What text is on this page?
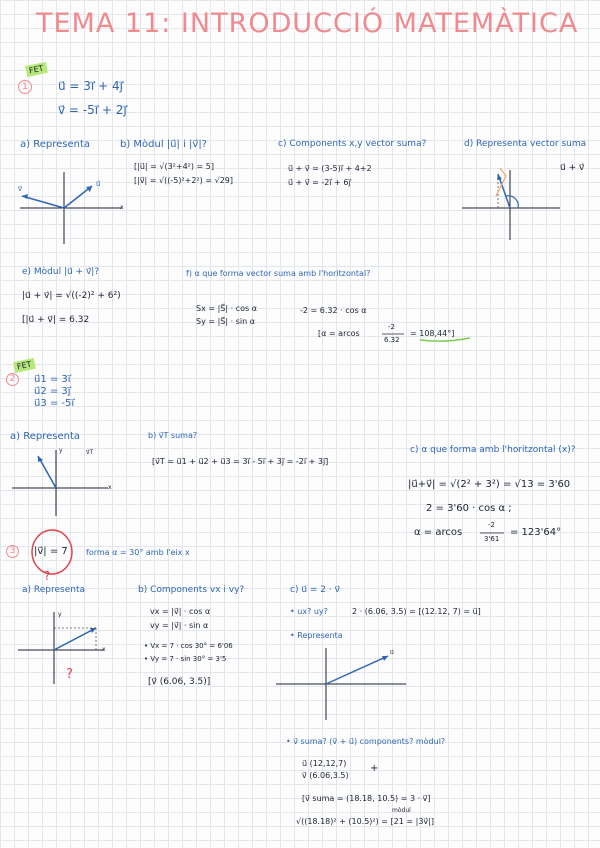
TEMA 11: INTRODUCCIÓ MATEMÀTICA
FET
1	u⃗ = 3i⃗ + 4j⃗
v⃗ = -5i⃗ + 2j⃗
a) Representa	b) Mòdul |u⃗| i |v⃗|?	c) Components x,y vector suma?	d) Representa vector suma
[|u⃗| = √(3²+4²) = 5]
[|v⃗| = √((-5)²+2²) = √29]
u⃗ + v⃗ = (3-5)i⃗ + 4+2
u⃗ + v⃗ = -2i⃗ + 6j⃗
u⃗ + v⃗
u⃗
v⃗
x
e) Mòdul |u⃗ + v⃗|?
|u⃗ + v⃗| = √((-2)² + 6²)
[|u⃗ + v⃗| = 6.32
f) α que forma vector suma amb l'horitzontal?
Sx = |S⃗| · cos α
Sy = |S⃗| · sin α
-2 = 6.32 · cos α
[α = arcos
-2
6.32
= 108,44°]
FET
2	u⃗1 = 3i⃗
u⃗2 = 3j⃗
u⃗3 = -5i⃗
a) Representa	b) v⃗T suma?
[v⃗T = u⃗1 + u⃗2 + u⃗3 = 3i⃗ - 5i⃗ + 3j⃗ = -2i⃗ + 3j⃗]
c) α que forma amb l'horitzontal (x)?
y	v⃗T
x	|u⃗+v⃗| = √(2² + 3²) = √13 = 3'60
2 = 3'60 · cos α ;
α = arcos
-2
3'61
= 123'64°
3	|v⃗| = 7 forma α = 30° amb l'eix x
?
a) Representa	b) Components vx i vy?	c) u⃗ = 2 · v⃗
y
x
?
vx = |v⃗| · cos α
vy = |v⃗| · sin α
• Vx = 7 · cos 30° = 6'06
• Vy = 7 · sin 30° = 3'5
[v⃗ (6.06, 3.5)]
• ux? uy?	2 · (6.06, 3.5) = [(12.12, 7) = u⃗]
• Representa
u⃗
• v⃗ suma? (v⃗ + u⃗) components? mòdul?
u⃗ (12,12,7)
v⃗ (6.06,3.5)
+
[v⃗ suma = (18.18, 10.5) = 3 · v⃗]
mòdul
√((18.18)² + (10.5)²) = [21 = |3v⃗|]
